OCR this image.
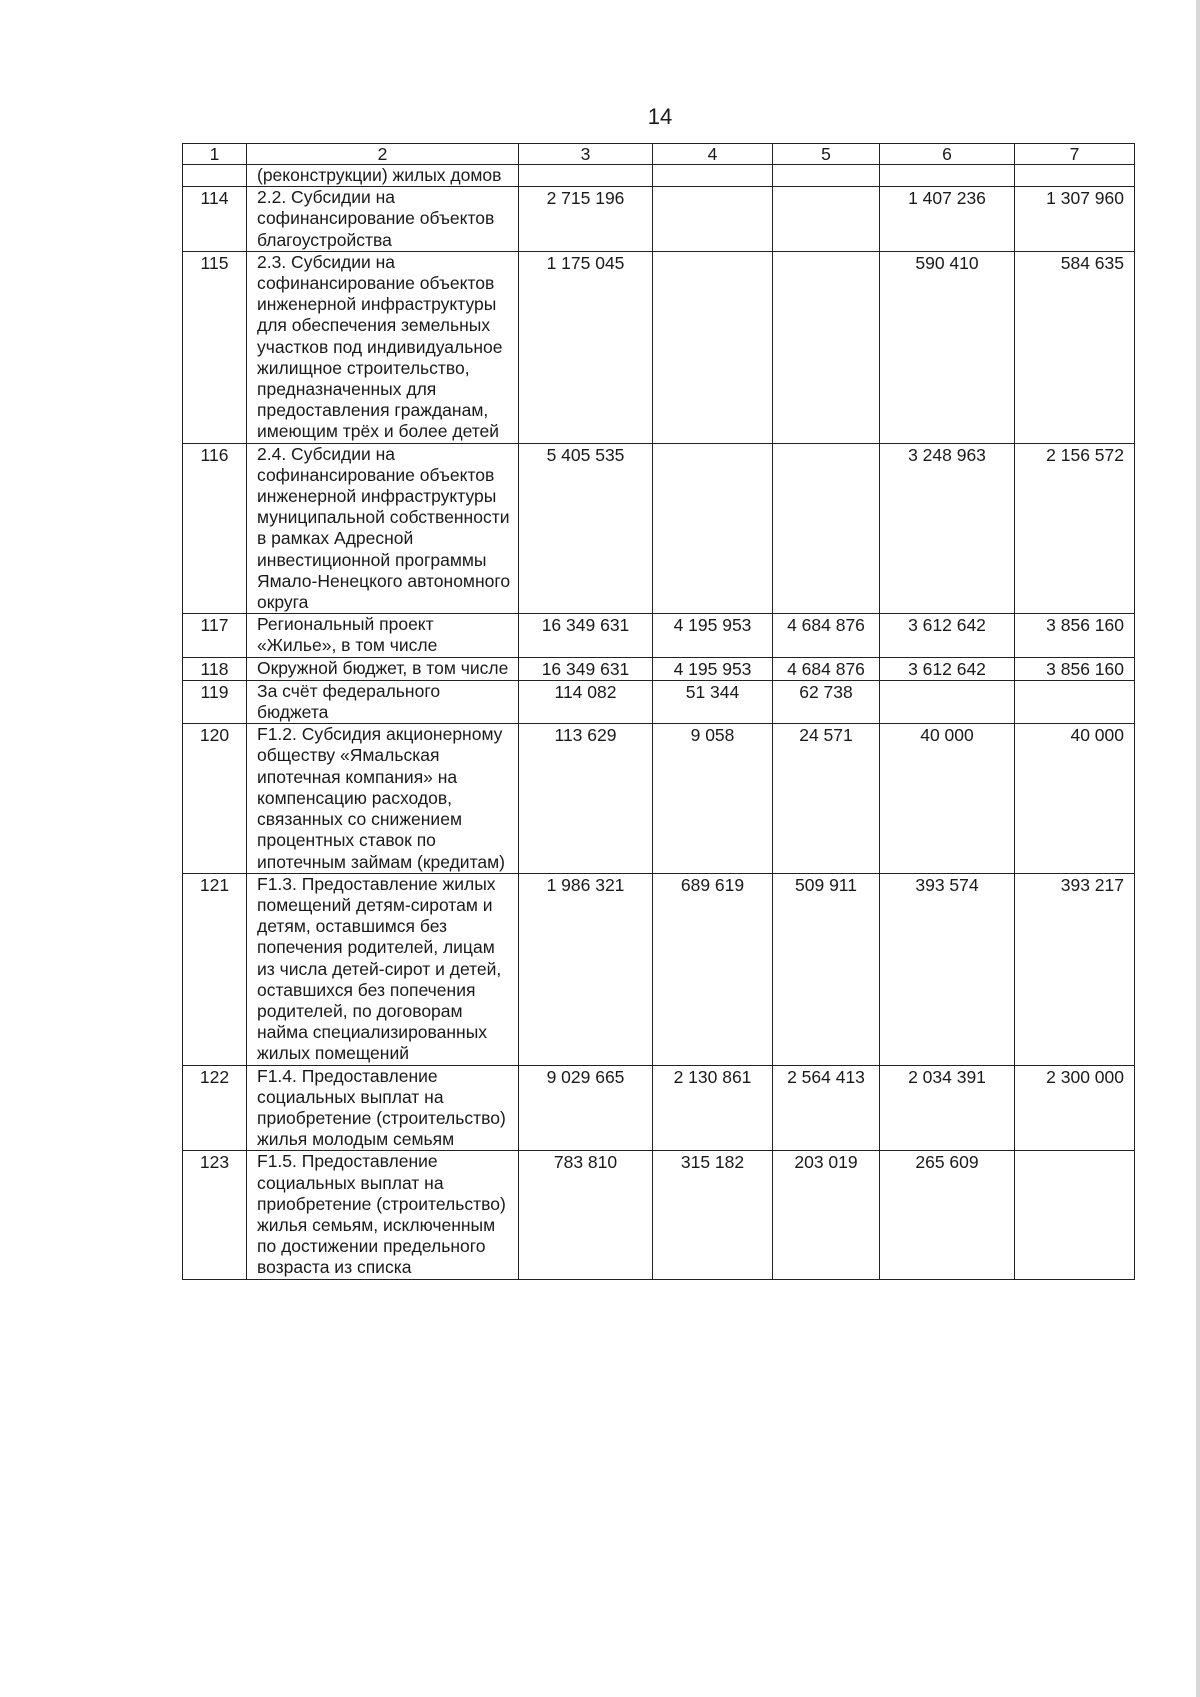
14
1	2	3	4	5	6	7
	(реконструкции) жилых домов					
114	2.2. Субсидии на софинансирование объектов благоустройства	2 715 196			1 407 236	1 307 960
115	2.3. Субсидии на софинансирование объектов инженерной инфраструктуры для обеспечения земельных участков под индивидуальное жилищное строительство, предназначенных для предоставления гражданам, имеющим трёх и более детей	1 175 045			590 410	584 635
116	2.4. Субсидии на софинансирование объектов инженерной инфраструктуры муниципальной собственности в рамках Адресной инвестиционной программы Ямало-Ненецкого автономного округа	5 405 535			3 248 963	2 156 572
117	Региональный проект «Жилье», в том числе	16 349 631	4 195 953	4 684 876	3 612 642	3 856 160
118	Окружной бюджет, в том числе	16 349 631	4 195 953	4 684 876	3 612 642	3 856 160
119	За счёт федерального бюджета	114 082	51 344	62 738		
120	F1.2. Субсидия акционерному обществу «Ямальская ипотечная компания» на компенсацию расходов, связанных со снижением процентных ставок по ипотечным займам (кредитам)	113 629	9 058	24 571	40 000	40 000
121	F1.3. Предоставление жилых помещений детям-сиротам и детям, оставшимся без попечения родителей, лицам из числа детей-сирот и детей, оставшихся без попечения родителей, по договорам найма специализированных жилых помещений	1 986 321	689 619	509 911	393 574	393 217
122	F1.4. Предоставление социальных выплат на приобретение (строительство) жилья молодым семьям	9 029 665	2 130 861	2 564 413	2 034 391	2 300 000
123	F1.5. Предоставление социальных выплат на приобретение (строительство) жилья семьям, исключенным по достижении предельного возраста из списка	783 810	315 182	203 019	265 609	
